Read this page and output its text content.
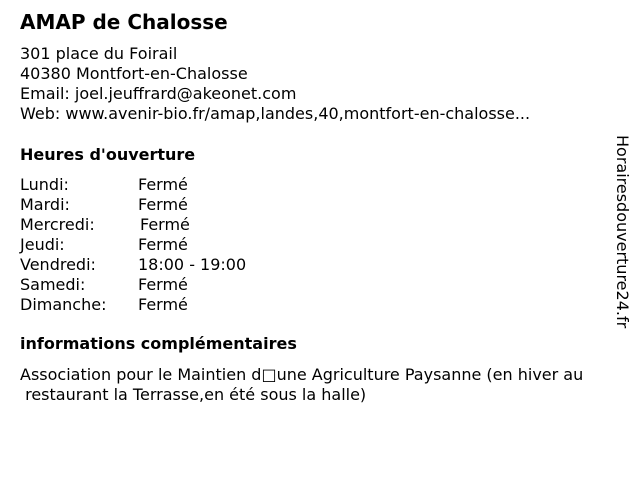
AMAP de Chalosse
301 place du Foirail
40380 Montfort-en-Chalosse
Email: joel.jeuffrard@akeonet.com
Web: www.avenir-bio.fr/amap,landes,40,montfort-en-chalosse...
Heures d'ouverture
Lundi:	Fermé
Mardi:	Fermé
Mercredi:	Fermé
Jeudi:	Fermé
Vendredi:	18:00 - 19:00
Samedi:	Fermé
Dimanche: Fermé
informations complémentaires
Association pour le Maintien d□une Agriculture Paysanne (en hiver au
restaurant la Terrasse,en été sous la halle)
Horairesdouverture24.fr
